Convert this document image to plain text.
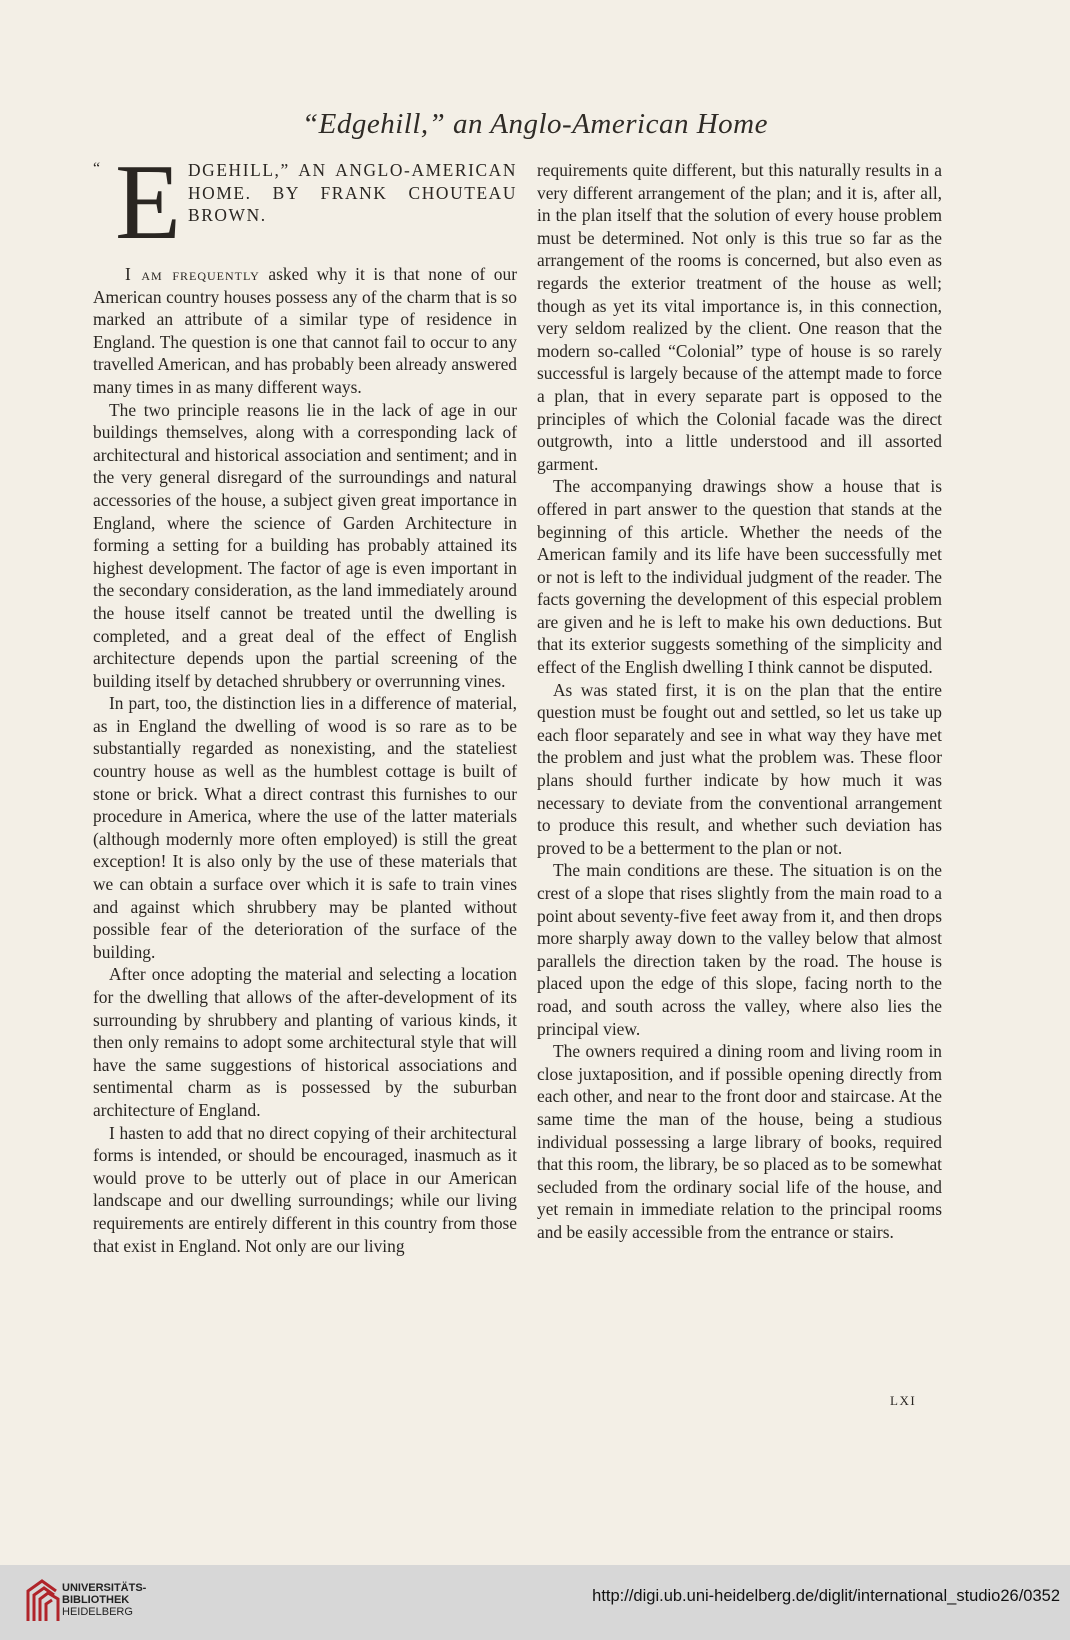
“Edgehill,” an Anglo-American Home
“ E DGEHILL,” AN ANGLO-AMERICAN HOME. BY FRANK CHOUTEAU BROWN.

I am frequently asked why it is that none of our American country houses possess any of the charm that is so marked an attribute of a similar type of residence in England. The question is one that cannot fail to occur to any travelled American, and has probably been already answered many times in as many different ways.

The two principle reasons lie in the lack of age in our buildings themselves, along with a corresponding lack of architectural and historical association and sentiment; and in the very general disregard of the surroundings and natural accessories of the house, a subject given great importance in England, where the science of Garden Architecture in forming a setting for a building has probably attained its highest development. The factor of age is even important in the secondary consideration, as the land immediately around the house itself cannot be treated until the dwelling is completed, and a great deal of the effect of English architecture depends upon the partial screening of the building itself by detached shrubbery or overrunning vines.

In part, too, the distinction lies in a difference of material, as in England the dwelling of wood is so rare as to be substantially regarded as nonexisting, and the stateliest country house as well as the humblest cottage is built of stone or brick. What a direct contrast this furnishes to our procedure in America, where the use of the latter materials (although modernly more often employed) is still the great exception! It is also only by the use of these materials that we can obtain a surface over which it is safe to train vines and against which shrubbery may be planted without possible fear of the deterioration of the surface of the building.

After once adopting the material and selecting a location for the dwelling that allows of the after-development of its surrounding by shrubbery and planting of various kinds, it then only remains to adopt some architectural style that will have the same suggestions of historical associations and sentimental charm as is possessed by the suburban architecture of England.

I hasten to add that no direct copying of their architectural forms is intended, or should be encouraged, inasmuch as it would prove to be utterly out of place in our American landscape and our dwelling surroundings; while our living requirements are entirely different in this country from those that exist in England. Not only are our living

requirements quite different, but this naturally results in a very different arrangement of the plan; and it is, after all, in the plan itself that the solution of every house problem must be determined. Not only is this true so far as the arrangement of the rooms is concerned, but also even as regards the exterior treatment of the house as well; though as yet its vital importance is, in this connection, very seldom realized by the client. One reason that the modern so-called “Colonial” type of house is so rarely successful is largely because of the attempt made to force a plan, that in every separate part is opposed to the principles of which the Colonial facade was the direct outgrowth, into a little understood and ill assorted garment.

The accompanying drawings show a house that is offered in part answer to the question that stands at the beginning of this article. Whether the needs of the American family and its life have been successfully met or not is left to the individual judgment of the reader. The facts governing the development of this especial problem are given and he is left to make his own deductions. But that its exterior suggests something of the simplicity and effect of the English dwelling I think cannot be disputed.

As was stated first, it is on the plan that the entire question must be fought out and settled, so let us take up each floor separately and see in what way they have met the problem and just what the problem was. These floor plans should further indicate by how much it was necessary to deviate from the conventional arrangement to produce this result, and whether such deviation has proved to be a betterment to the plan or not.

The main conditions are these. The situation is on the crest of a slope that rises slightly from the main road to a point about seventy-five feet away from it, and then drops more sharply away down to the valley below that almost parallels the direction taken by the road. The house is placed upon the edge of this slope, facing north to the road, and south across the valley, where also lies the principal view.

The owners required a dining room and living room in close juxtaposition, and if possible opening directly from each other, and near to the front door and staircase. At the same time the man of the house, being a studious individual possessing a large library of books, required that this room, the library, be so placed as to be somewhat secluded from the ordinary social life of the house, and yet remain in immediate relation to the principal rooms and be easily accessible from the entrance or stairs.

LXI
UNIVERSITÄTS-
BIBLIOTHEK
HEIDELBERG
http://digi.ub.uni-heidelberg.de/diglit/international_studio26/0352
